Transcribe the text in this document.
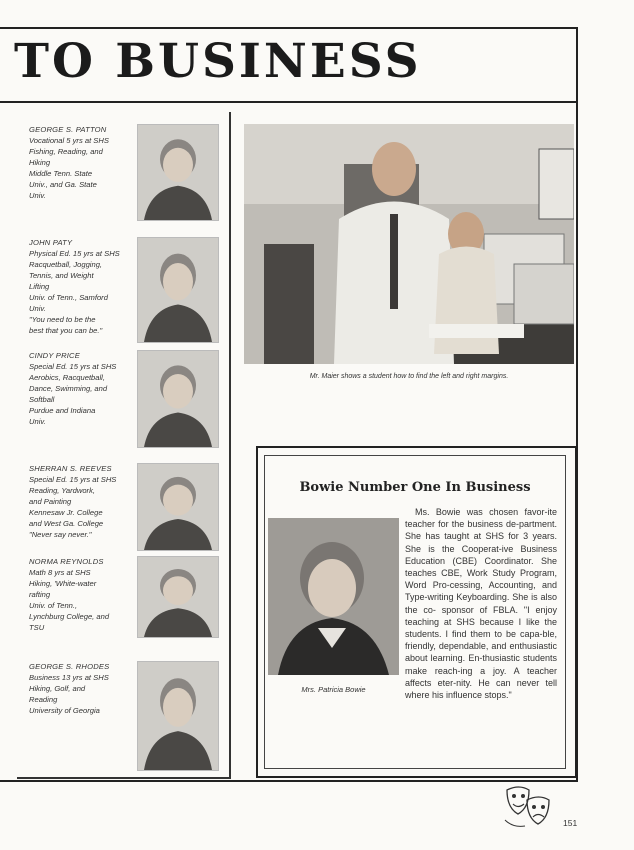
TO BUSINESS
GEORGE S. PATTON
Vocational 5 yrs at SHS
Fishing, Reading, and
Hiking
Middle Tenn. State
Univ., and Ga. State
Univ.
JOHN PATY
Physical Ed. 15 yrs at SHS
Racquetball, Jogging,
Tennis, and Weight
Lifting
Univ. of Tenn., Samford
Univ.
"You need to be the
best that you can be."
CINDY PRICE
Special Ed. 15 yrs at SHS
Aerobics, Racquetball,
Dance, Swimming, and
Softball
Purdue and Indiana
Univ.
SHERRAN S. REEVES
Special Ed. 15 yrs at SHS
Reading, Yardwork,
and Painting
Kennesaw Jr. College
and West Ga. College
"Never say never."
NORMA REYNOLDS
Math 8 yrs at SHS
Hiking, 'White-water
rafting
Univ. of Tenn.,
Lynchburg College, and
TSU
GEORGE S. RHODES
Business 13 yrs at SHS
Hiking, Golf, and
Reading
University of Georgia
Mr. Maier shows a student how to find the left and right margins.
Bowie Number One In Business
Mrs. Patricia Bowie

Ms. Bowie was chosen favor-ite teacher for the business de-partment. She has taught at SHS for 3 years. She is the Cooperat-ive Business Education (CBE) Coordinator. She teaches CBE, Work Study Program, Word Pro-cessing, Accounting, and Type-writing Keyboarding. She is also the co- sponsor of FBLA. "I enjoy teaching at SHS because I like the students. I find them to be capa-ble, friendly, dependable, and enthusiastic about learning. En-thusiastic students make reach-ing a joy. A teacher affects eter-nity. He can never tell where his influence stops."

151
